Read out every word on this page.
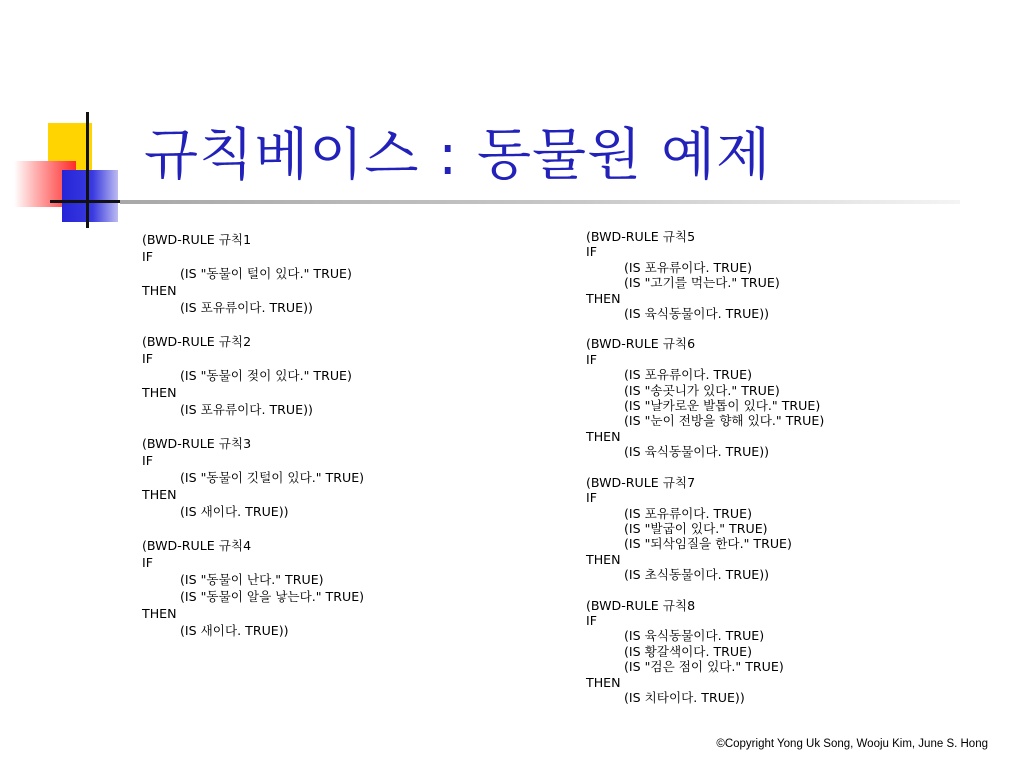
규칙베이스 : 동물원 예제
(BWD-RULE 규칙1
IF
(IS "동물이 털이 있다." TRUE)
THEN
(IS 포유류이다. TRUE))
(BWD-RULE 규칙2
IF
(IS "동물이 젖이 있다." TRUE)
THEN
(IS 포유류이다. TRUE))
(BWD-RULE 규칙3
IF
(IS "동물이 깃털이 있다." TRUE)
THEN
(IS 새이다. TRUE))
(BWD-RULE 규칙4
IF
(IS "동물이 난다." TRUE)
(IS "동물이 알을 낳는다." TRUE)
THEN
(IS 새이다. TRUE))
(BWD-RULE 규칙5
IF
(IS 포유류이다. TRUE)
(IS "고기를 먹는다." TRUE)
THEN
(IS 육식동물이다. TRUE))
(BWD-RULE 규칙6
IF
(IS 포유류이다. TRUE)
(IS "송곳니가 있다." TRUE)
(IS "날카로운 발톱이 있다." TRUE)
(IS "눈이 전방을 향해 있다." TRUE)
THEN
(IS 육식동물이다. TRUE))
(BWD-RULE 규칙7
IF
(IS 포유류이다. TRUE)
(IS "발굽이 있다." TRUE)
(IS "되삭임질을 한다." TRUE)
THEN
(IS 초식동물이다. TRUE))
(BWD-RULE 규칙8
IF
(IS 육식동물이다. TRUE)
(IS 황갈색이다. TRUE)
(IS "검은 점이 있다." TRUE)
THEN
(IS 치타이다. TRUE))
©Copyright Yong Uk Song, Wooju Kim, June S. Hong
